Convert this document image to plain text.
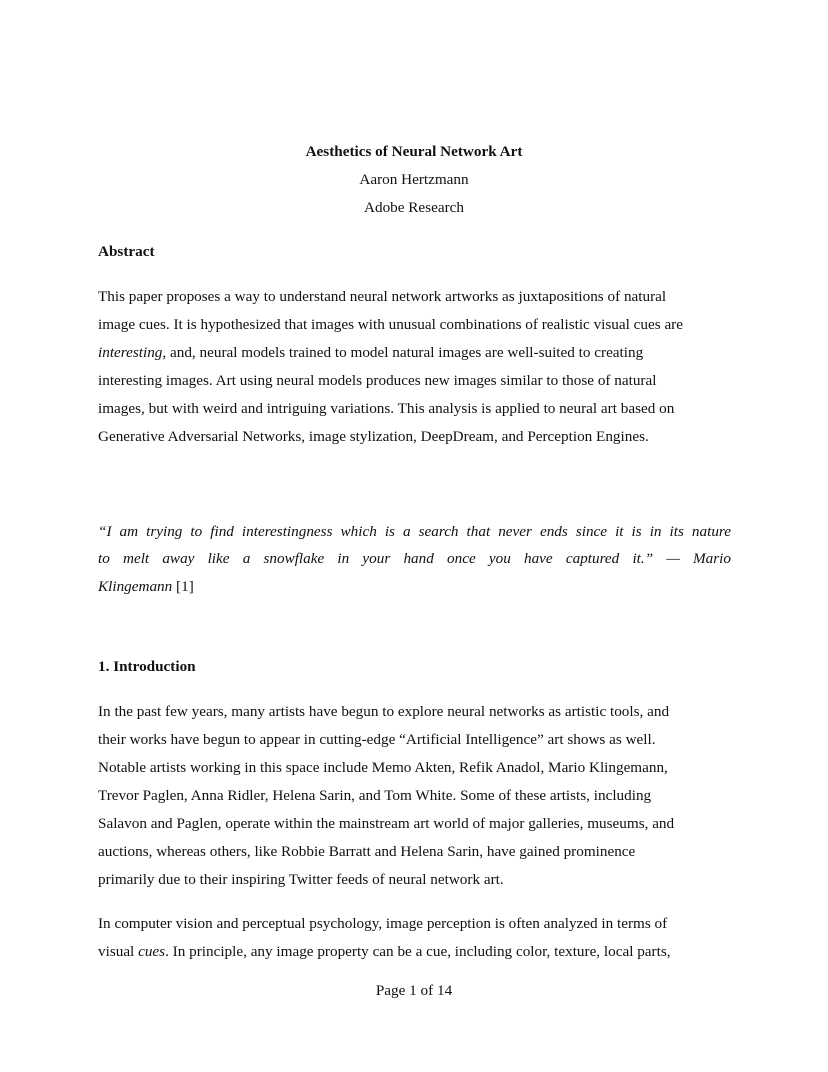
Aesthetics of Neural Network Art
Aaron Hertzmann
Adobe Research
Abstract
This paper proposes a way to understand neural network artworks as juxtapositions of natural
image cues. It is hypothesized that images with unusual combinations of realistic visual cues are
interesting, and, neural models trained to model natural images are well-suited to creating
interesting images. Art using neural models produces new images similar to those of natural
images, but with weird and intriguing variations. This analysis is applied to neural art based on
Generative Adversarial Networks, image stylization, DeepDream, and Perception Engines.
“I am trying to find interestingness which is a search that never ends since it is in its nature
to melt away like a snowflake in your hand once you have captured it.” — Mario
Klingemann [1]
1. Introduction
In the past few years, many artists have begun to explore neural networks as artistic tools, and
their works have begun to appear in cutting-edge “Artificial Intelligence” art shows as well.
Notable artists working in this space include Memo Akten, Refik Anadol, Mario Klingemann,
Trevor Paglen, Anna Ridler, Helena Sarin, and Tom White. Some of these artists, including
Salavon and Paglen, operate within the mainstream art world of major galleries, museums, and
auctions, whereas others, like Robbie Barratt and Helena Sarin, have gained prominence
primarily due to their inspiring Twitter feeds of neural network art.
In computer vision and perceptual psychology, image perception is often analyzed in terms of
visual cues. In principle, any image property can be a cue, including color, texture, local parts,
Page 1 of 14
